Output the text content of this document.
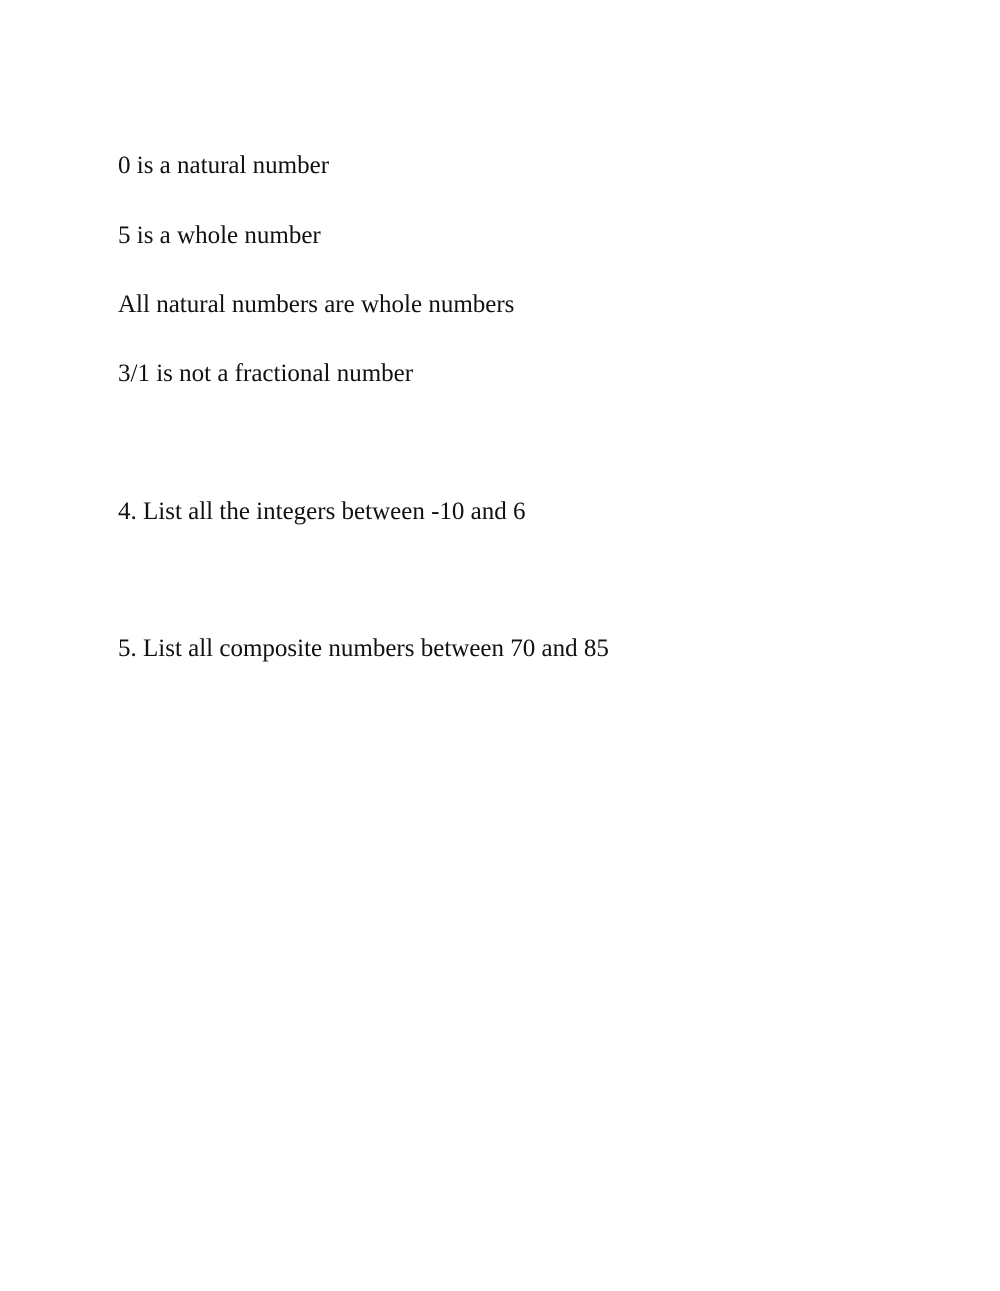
0 is a natural number

5 is a whole number

All natural numbers are whole numbers

3/1 is not a fractional number

4. List all the integers between -10 and 6

5. List all composite numbers between 70 and 85
